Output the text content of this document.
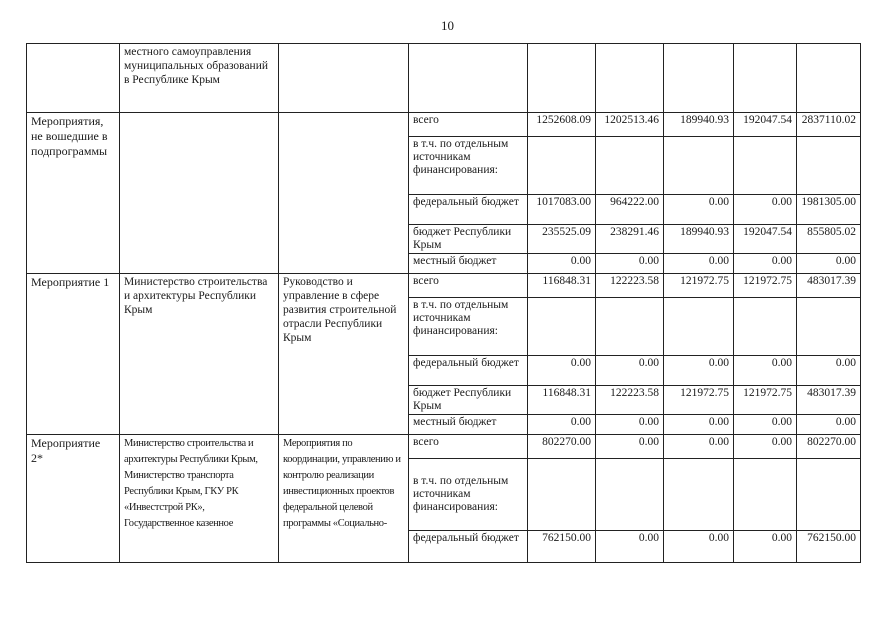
10
	местного самоуправления муниципальных образований в Республике Крым							
Мероприятия, не вошедшие в подпрограммы			всего	1252608.09	1202513.46	189940.93	192047.54	2837110.02
			в т.ч. по отдельным источникам финансирования:					
			федеральный бюджет	1017083.00	964222.00	0.00	0.00	1981305.00
			бюджет Республики Крым	235525.09	238291.46	189940.93	192047.54	855805.02
			местный бюджет	0.00	0.00	0.00	0.00	0.00
Мероприятие 1	Министерство строительства и архитектуры Республики Крым	Руководство и управление в сфере развития строительной отрасли Республики Крым	всего	116848.31	122223.58	121972.75	121972.75	483017.39
			в т.ч. по отдельным источникам финансирования:					
			федеральный бюджет	0.00	0.00	0.00	0.00	0.00
			бюджет Республики Крым	116848.31	122223.58	121972.75	121972.75	483017.39
			местный бюджет	0.00	0.00	0.00	0.00	0.00
Мероприятие 2*	Министерство строительства и архитектуры Республики Крым, Министерство транспорта Республики Крым, ГКУ РК «Инвестстрой РК», Государственное казенное	Мероприятия по координации, управлению и контролю реализации инвестиционных проектов федеральной целевой программы «Социально-	всего	802270.00	0.00	0.00	0.00	802270.00
			в т.ч. по отдельным источникам финансирования:					
			федеральный бюджет	762150.00	0.00	0.00	0.00	762150.00
